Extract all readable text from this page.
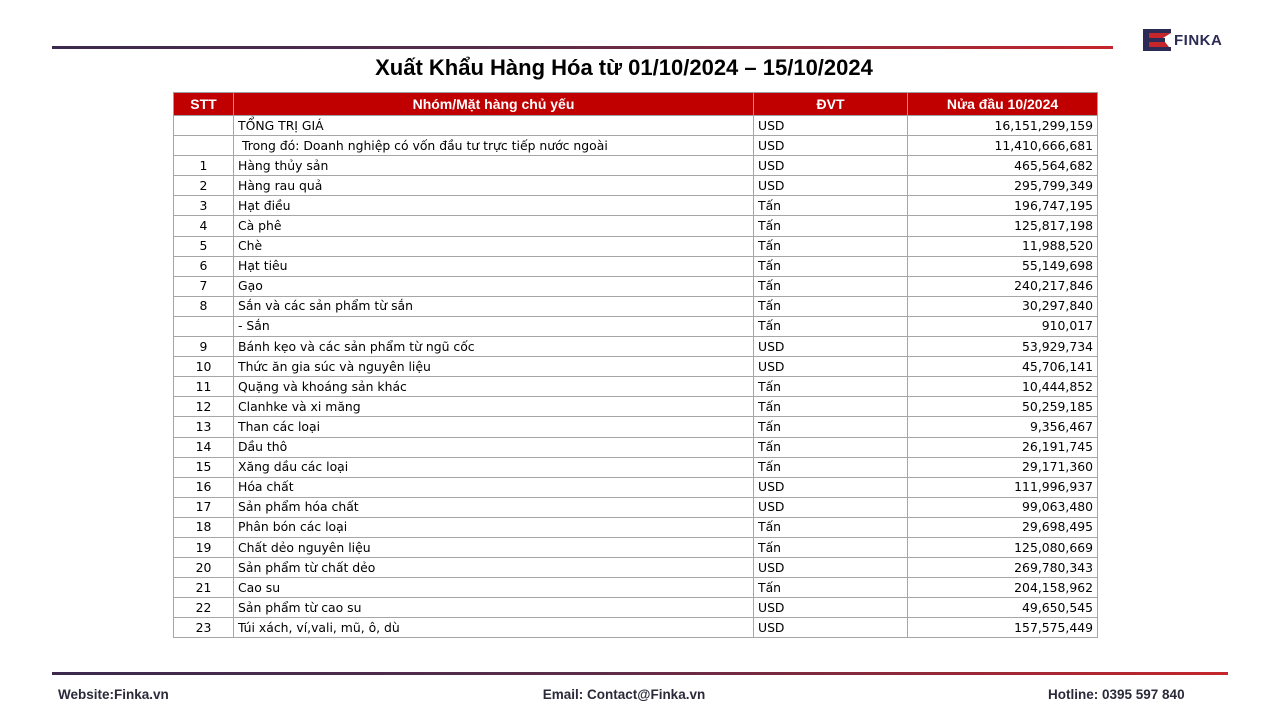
FINKA
Xuất Khẩu Hàng Hóa từ 01/10/2024 – 15/10/2024
STT	Nhóm/Mặt hàng chủ yếu	ĐVT	Nửa đầu 10/2024
	TỔNG TRỊ GIÁ	USD	16,151,299,159
	Trong đó: Doanh nghiệp có vốn đầu tư trực tiếp nước ngoài	USD	11,410,666,681
1	Hàng thủy sản	USD	465,564,682
2	Hàng rau quả	USD	295,799,349
3	Hạt điều	Tấn	196,747,195
4	Cà phê	Tấn	125,817,198
5	Chè	Tấn	11,988,520
6	Hạt tiêu	Tấn	55,149,698
7	Gạo	Tấn	240,217,846
8	Sắn và các sản phẩm từ sắn	Tấn	30,297,840
	- Sắn	Tấn	910,017
9	Bánh kẹo và các sản phẩm từ ngũ cốc	USD	53,929,734
10	Thức ăn gia súc và nguyên liệu	USD	45,706,141
11	Quặng và khoáng sản khác	Tấn	10,444,852
12	Clanhke và xi măng	Tấn	50,259,185
13	Than các loại	Tấn	9,356,467
14	Dầu thô	Tấn	26,191,745
15	Xăng dầu các loại	Tấn	29,171,360
16	Hóa chất	USD	111,996,937
17	Sản phẩm hóa chất	USD	99,063,480
18	Phân bón các loại	Tấn	29,698,495
19	Chất dẻo nguyên liệu	Tấn	125,080,669
20	Sản phẩm từ chất dẻo	USD	269,780,343
21	Cao su	Tấn	204,158,962
22	Sản phẩm từ cao su	USD	49,650,545
23	Túi xách, ví,vali, mũ, ô, dù	USD	157,575,449
Website:Finka.vn	Email: Contact@Finka.vn	Hotline: 0395 597 840
